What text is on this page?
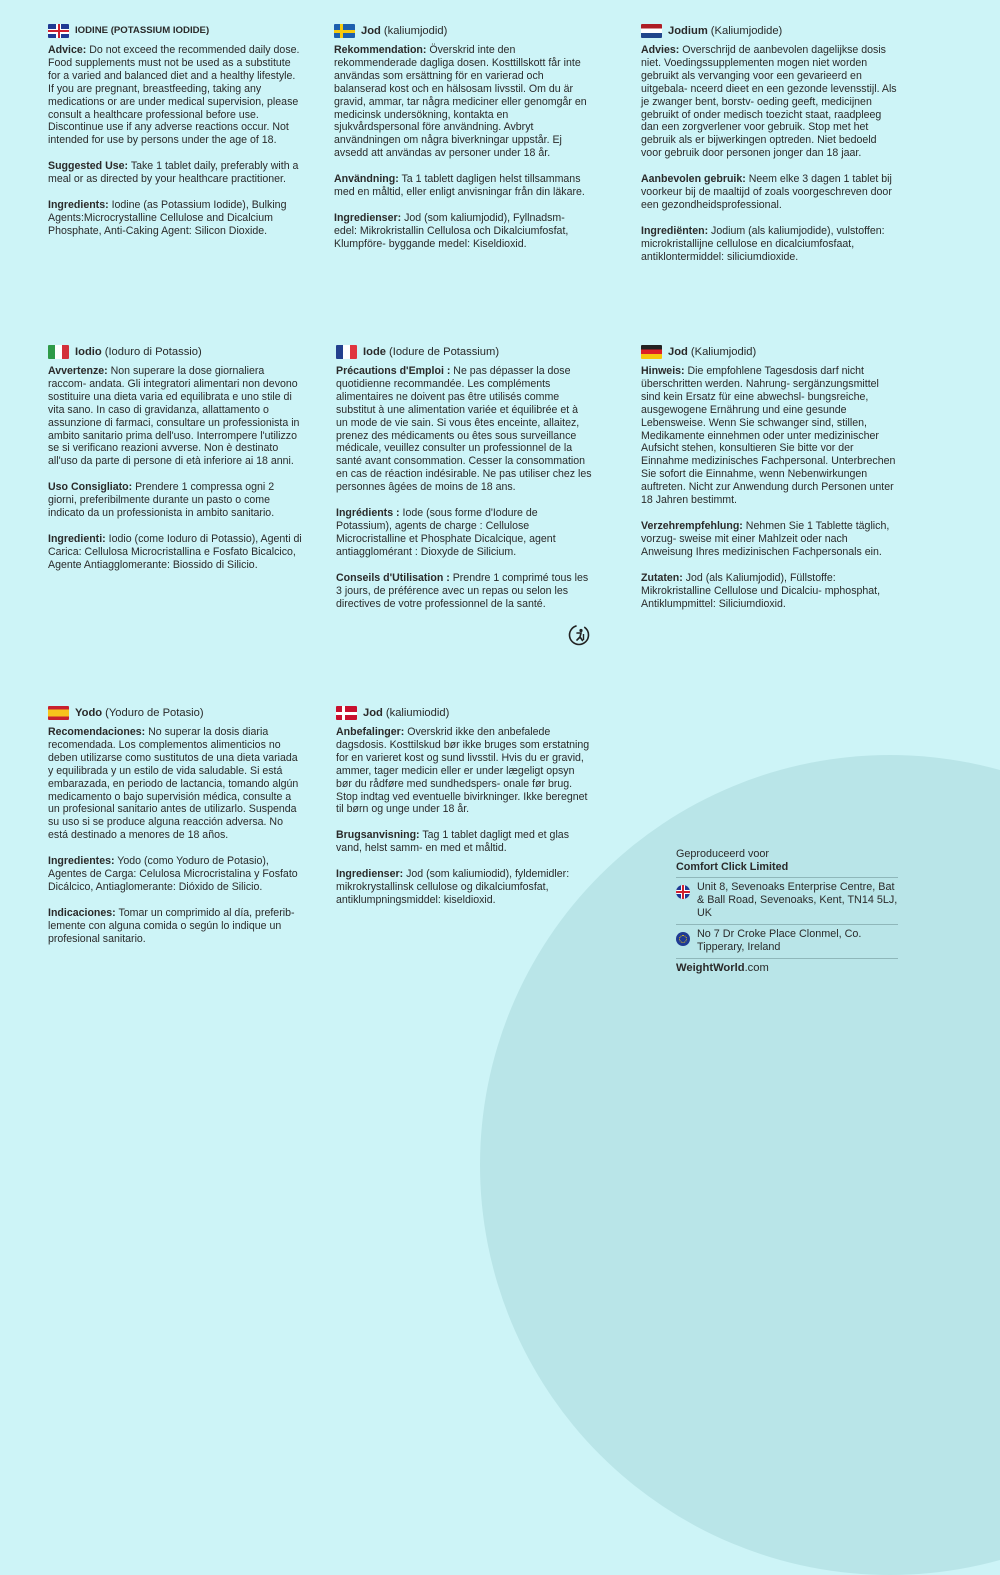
IODINE (POTASSIUM IODIDE)

Advice: Do not exceed the recommended daily dose. Food supplements must not be used as a substitute for a varied and balanced diet and a healthy lifestyle. If you are pregnant, breastfeeding, taking any medications or are under medical supervision, please consult a healthcare professional before use. Discontinue use if any adverse reactions occur. Not intended for use by persons under the age of 18.

Suggested Use: Take 1 tablet daily, preferably with a meal or as directed by your healthcare practitioner.

Ingredients: Iodine (as Potassium Iodide), Bulking Agents:Microcrystalline Cellulose and Dicalcium Phosphate, Anti-Caking Agent: Silicon Dioxide.

Jod (kaliumjodid)

Rekommendation: Överskrid inte den rekommenderade dagliga dosen. Kosttillskott får inte användas som ersättning för en varierad och balanserad kost och en hälsosam livsstil. Om du är gravid, ammar, tar några mediciner eller genomgår en medicinsk undersökning, kontakta en sjukvårdspersonal före användning. Avbryt användningen om några biverkningar uppstår. Ej avsedd att användas av personer under 18 år.

Användning: Ta 1 tablett dagligen helst tillsammans med en måltid, eller enligt anvisningar från din läkare.

Ingredienser: Jod (som kaliumjodid), Fyllnadsm- edel: Mikrokristallin Cellulosa och Dikalciumfosfat, Klumpföre- byggande medel: Kiseldioxid.

Jodium (Kaliumjodide)

Advies: Overschrijd de aanbevolen dagelijkse dosis niet. Voedingssupplementen mogen niet worden gebruikt als vervanging voor een gevarieerd en uitgebala- nceerd dieet en een gezonde levensstijl. Als je zwanger bent, borstv- oeding geeft, medicijnen gebruikt of onder medisch toezicht staat, raadpleeg dan een zorgverlener voor gebruik. Stop met het gebruik als er bijwerkingen optreden. Niet bedoeld voor gebruik door personen jonger dan 18 jaar.

Aanbevolen gebruik: Neem elke 3 dagen 1 tablet bij voorkeur bij de maaltijd of zoals voorgeschreven door een gezondheidsprofessional.

Ingrediënten: Jodium (als kaliumjodide), vulstoffen: microkristallijne cellulose en dicalciumfosfaat, antiklontermiddel: siliciumdioxide.

Iodio (Ioduro di Potassio)

Avvertenze: Non superare la dose giornaliera raccom- andata. Gli integratori alimentari non devono sostituire una dieta varia ed equilibrata e uno stile di vita sano. In caso di gravidanza, allattamento o assunzione di farmaci, consultare un professionista in ambito sanitario prima dell'uso. Interrompere l'utilizzo se si verificano reazioni avverse. Non è destinato all'uso da parte di persone di età inferiore ai 18 anni.

Uso Consigliato: Prendere 1 compressa ogni 2 giorni, preferibilmente durante un pasto o come indicato da un professionista in ambito sanitario.

Ingredienti: Iodio (come Ioduro di Potassio), Agenti di Carica: Cellulosa Microcristallina e Fosfato Bicalcico, Agente Antiagglomerante: Biossido di Silicio.

Iode (Iodure de Potassium)

Précautions d'Emploi : Ne pas dépasser la dose quotidienne recommandée. Les compléments alimentaires ne doivent pas être utilisés comme substitut à une alimentation variée et équilibrée et à un mode de vie sain. Si vous êtes enceinte, allaitez, prenez des médicaments ou êtes sous surveillance médicale, veuillez consulter un professionnel de la santé avant consommation. Cesser la consommation en cas de réaction indésirable. Ne pas utiliser chez les personnes âgées de moins de 18 ans.

Ingrédients : Iode (sous forme d'Iodure de Potassium), agents de charge : Cellulose Microcristalline et Phosphate Dicalcique, agent antiagglomérant : Dioxyde de Silicium.

Conseils d'Utilisation : Prendre 1 comprimé tous les 3 jours, de préférence avec un repas ou selon les directives de votre professionnel de la santé.

Jod (Kaliumjodid)

Hinweis: Die empfohlene Tagesdosis darf nicht überschritten werden. Nahrung- sergänzungsmittel sind kein Ersatz für eine abwechsl- bungsreiche, ausgewogene Ernährung und eine gesunde Lebensweise. Wenn Sie schwanger sind, stillen, Medikamente einnehmen oder unter medizinischer Aufsicht stehen, konsultieren Sie bitte vor der Einnahme medizinisches Fachpersonal. Unterbrechen Sie sofort die Einnahme, wenn Nebenwirkungen auftreten. Nicht zur Anwendung durch Personen unter 18 Jahren bestimmt.

Verzehrempfehlung: Nehmen Sie 1 Tablette täglich, vorzug- sweise mit einer Mahlzeit oder nach Anweisung Ihres medizinischen Fachpersonals ein.

Zutaten: Jod (als Kaliumjodid), Füllstoffe: Mikrokristalline Cellulose und Dicalciu- mphosphat, Antiklumpmittel: Siliciumdioxid.

Yodo (Yoduro de Potasio)

Recomendaciones: No superar la dosis diaria recomendada. Los complementos alimenticios no deben utilizarse como sustitutos de una dieta variada y equilibrada y un estilo de vida saludable. Si está embarazada, en periodo de lactancia, tomando algún medicamento o bajo supervisión médica, consulte a un profesional sanitario antes de utilizarlo. Suspenda su uso si se produce alguna reacción adversa. No está destinado a menores de 18 años.

Ingredientes: Yodo (como Yoduro de Potasio), Agentes de Carga: Celulosa Microcristalina y Fosfato Dicálcico, Antiaglomerante: Dióxido de Silicio.

Indicaciones: Tomar un comprimido al día, preferib- lemente con alguna comida o según lo indique un profesional sanitario.

Jod (kaliumiodid)

Anbefalinger: Overskrid ikke den anbefalede dagsdosis. Kosttilskud bør ikke bruges som erstatning for en varieret kost og sund livsstil. Hvis du er gravid, ammer, tager medicin eller er under lægeligt opsyn bør du rådføre med sundhedspers- onale før brug. Stop indtag ved eventuelle bivirkninger. Ikke beregnet til børn og unge under 18 år.

Brugsanvisning: Tag 1 tablet dagligt med et glas vand, helst samm- en med et måltid.

Ingredienser: Jod (som kaliumiodid), fyldemidler: mikrokrystallinsk cellulose og dikalciumfosfat, antiklumpningsmiddel: kiseldioxid.

Geproduceerd voor
Comfort Click Limited
Unit 8, Sevenoaks Enterprise Centre, Bat & Ball Road, Sevenoaks, Kent, TN14 5LJ, UK
No 7 Dr Croke Place Clonmel, Co. Tipperary, Ireland
WeightWorld.com
